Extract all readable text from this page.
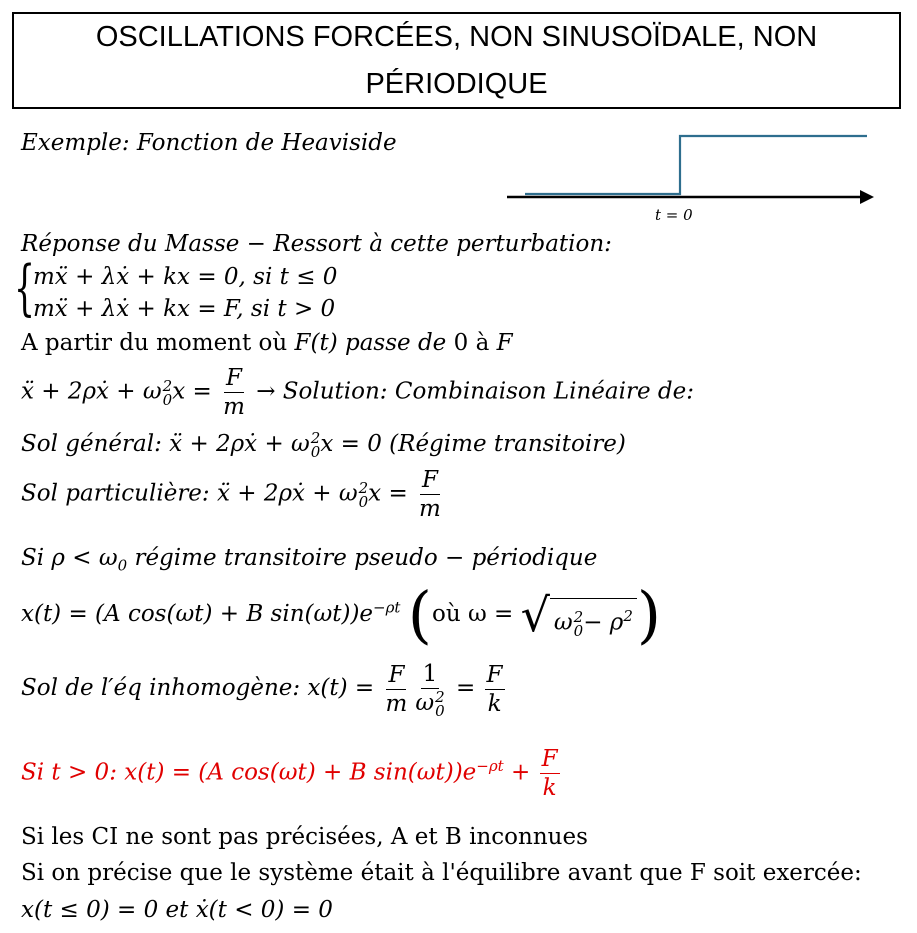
OSCILLATIONS FORCÉES, NON SINUSOÏDALE, NON PÉRIODIQUE
Exemple: Fonction de Heaviside
t = 0
Réponse du Masse − Ressort à cette perturbation:
{
mẍ + λẋ + kx = 0, si t ≤ 0
mẍ + λẋ + kx = F, si t > 0
A partir du moment où F(t) passe de 0 à F
ẍ + 2ρẋ + ω 2
0 $x = \frac{F}{m}$ → Solution: Combinaison Linéaire de:
Sol général: ẍ + 2ρẋ + ω 2
0 x = 0 (Régime transitoire)
Sol particulière: ẍ + 2ρẋ + ω 2
0 $x = \frac{F}{m}$
Si $\rho < \omega_0$ régime transitoire pseudo − périodique
x(t) = (A cos(ωt) + B $\sin(\omega t))e^{-\rho t}$ (où ω = √ ω 2
$0 - \rho^2$ )
Sol de l′éq inhomogène: $x(t) = \frac{F}{m} 1$
ω 2
$0 = \frac{F}{k}$
Si t > 0: x(t) = (A cos(ωt) + B $\sin(\omega t))e^{-\rho t} + \frac{F}{k}$
Si les CI ne sont pas précisées, A et B inconnues
Si on précise que le système était à l'équilibre avant que F soit exercée:
x(t ≤ 0) = 0 et ẋ(t < 0) = 0
